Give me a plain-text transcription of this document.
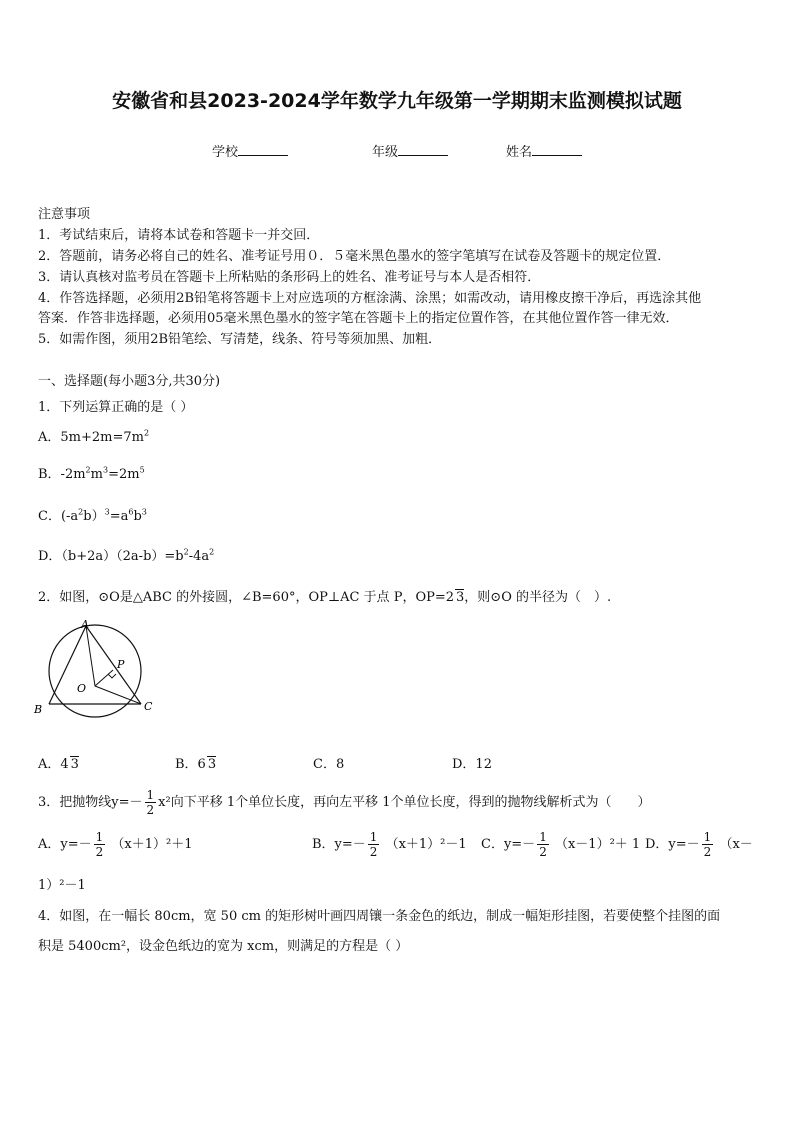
安徽省和县2023-2024学年数学九年级第一学期期末监测模拟试题
学校	年级	姓名
注意事项
1．考试结束后，请将本试卷和答题卡一并交回．
2．答题前，请务必将自己的姓名、准考证号用０．５毫米黑色墨水的签字笔填写在试卷及答题卡的规定位置．
3．请认真核对监考员在答题卡上所粘贴的条形码上的姓名、准考证号与本人是否相符．
4．作答选择题，必须用2B铅笔将答题卡上对应选项的方框涂满、涂黑；如需改动，请用橡皮擦干净后，再选涂其他
答案．作答非选择题，必须用05毫米黑色墨水的签字笔在答题卡上的指定位置作答，在其他位置作答一律无效．
5．如需作图，须用2B铅笔绘、写清楚，线条、符号等须加黑、加粗．
一、选择题(每小题3分,共30分)
1．下列运算正确的是（ ）
A．$5m+2m=7m^2$
B．$-2m^2m^3=2m^5$
C．$(-a^2b)^3=a^6b^3$
D．$(b+2a)(2a-b)=b^2-4a^2$
2．如图，⊙O是△ABC 的外接圆，∠B=60°，OP⊥AC 于点 P，OP=2 3，则⊙O 的半径为（　）.
A
B	C
O
P
A．4 3	B．6 3	C．8	D．12
3．把抛物线$y=- \frac{1}{2} x^2$向下平移 1个单位长度，再向左平移 1个单位长度，得到的抛物线解析式为（　　）
A．$y=- \frac{1}{2} (x+1)^2+1$	B．$y=- \frac{1}{2} (x+1)^2-1$ C．$y=- \frac{1}{2} (x-1)^2+ 1$ D．$y=- \frac{1}{2} (x-$
1）²－1
4．如图，在一幅长 80cm，宽 50 cm 的矩形树叶画四周镶一条金色的纸边，制成一幅矩形挂图，若要使整个挂图的面
积是 5400cm²，设金色纸边的宽为 xcm，则满足的方程是（ ）
